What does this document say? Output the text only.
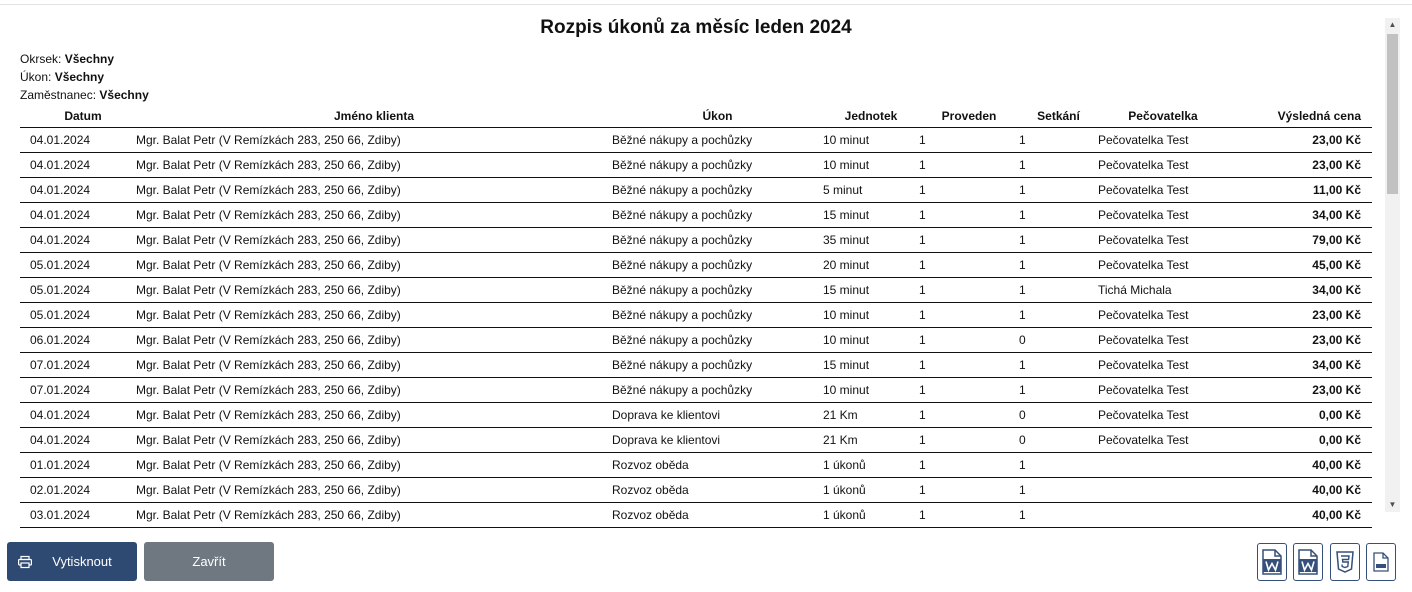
Rozpis úkonů za měsíc leden 2024
Okrsek: Všechny
Úkon: Všechny
Zaměstnanec: Všechny
Datum	Jméno klienta	Úkon	Jednotek	Proveden	Setkání	Pečovatelka	Výsledná cena
04.01.2024	Mgr. Balat Petr (V Remízkách 283, 250 66, Zdiby)	Běžné nákupy a pochůzky	10 minut	1	1	Pečovatelka Test	23,00 Kč
04.01.2024	Mgr. Balat Petr (V Remízkách 283, 250 66, Zdiby)	Běžné nákupy a pochůzky	10 minut	1	1	Pečovatelka Test	23,00 Kč
04.01.2024	Mgr. Balat Petr (V Remízkách 283, 250 66, Zdiby)	Běžné nákupy a pochůzky	5 minut	1	1	Pečovatelka Test	11,00 Kč
04.01.2024	Mgr. Balat Petr (V Remízkách 283, 250 66, Zdiby)	Běžné nákupy a pochůzky	15 minut	1	1	Pečovatelka Test	34,00 Kč
04.01.2024	Mgr. Balat Petr (V Remízkách 283, 250 66, Zdiby)	Běžné nákupy a pochůzky	35 minut	1	1	Pečovatelka Test	79,00 Kč
05.01.2024	Mgr. Balat Petr (V Remízkách 283, 250 66, Zdiby)	Běžné nákupy a pochůzky	20 minut	1	1	Pečovatelka Test	45,00 Kč
05.01.2024	Mgr. Balat Petr (V Remízkách 283, 250 66, Zdiby)	Běžné nákupy a pochůzky	15 minut	1	1	Tichá Michala	34,00 Kč
05.01.2024	Mgr. Balat Petr (V Remízkách 283, 250 66, Zdiby)	Běžné nákupy a pochůzky	10 minut	1	1	Pečovatelka Test	23,00 Kč
06.01.2024	Mgr. Balat Petr (V Remízkách 283, 250 66, Zdiby)	Běžné nákupy a pochůzky	10 minut	1	0	Pečovatelka Test	23,00 Kč
07.01.2024	Mgr. Balat Petr (V Remízkách 283, 250 66, Zdiby)	Běžné nákupy a pochůzky	15 minut	1	1	Pečovatelka Test	34,00 Kč
07.01.2024	Mgr. Balat Petr (V Remízkách 283, 250 66, Zdiby)	Běžné nákupy a pochůzky	10 minut	1	1	Pečovatelka Test	23,00 Kč
04.01.2024	Mgr. Balat Petr (V Remízkách 283, 250 66, Zdiby)	Doprava ke klientovi	21 Km	1	0	Pečovatelka Test	0,00 Kč
04.01.2024	Mgr. Balat Petr (V Remízkách 283, 250 66, Zdiby)	Doprava ke klientovi	21 Km	1	0	Pečovatelka Test	0,00 Kč
01.01.2024	Mgr. Balat Petr (V Remízkách 283, 250 66, Zdiby)	Rozvoz oběda	1 úkonů	1	1		40,00 Kč
02.01.2024	Mgr. Balat Petr (V Remízkách 283, 250 66, Zdiby)	Rozvoz oběda	1 úkonů	1	1		40,00 Kč
03.01.2024	Mgr. Balat Petr (V Remízkách 283, 250 66, Zdiby)	Rozvoz oběda	1 úkonů	1	1		40,00 Kč
▲
▼
Vytisknout	Zavřít
